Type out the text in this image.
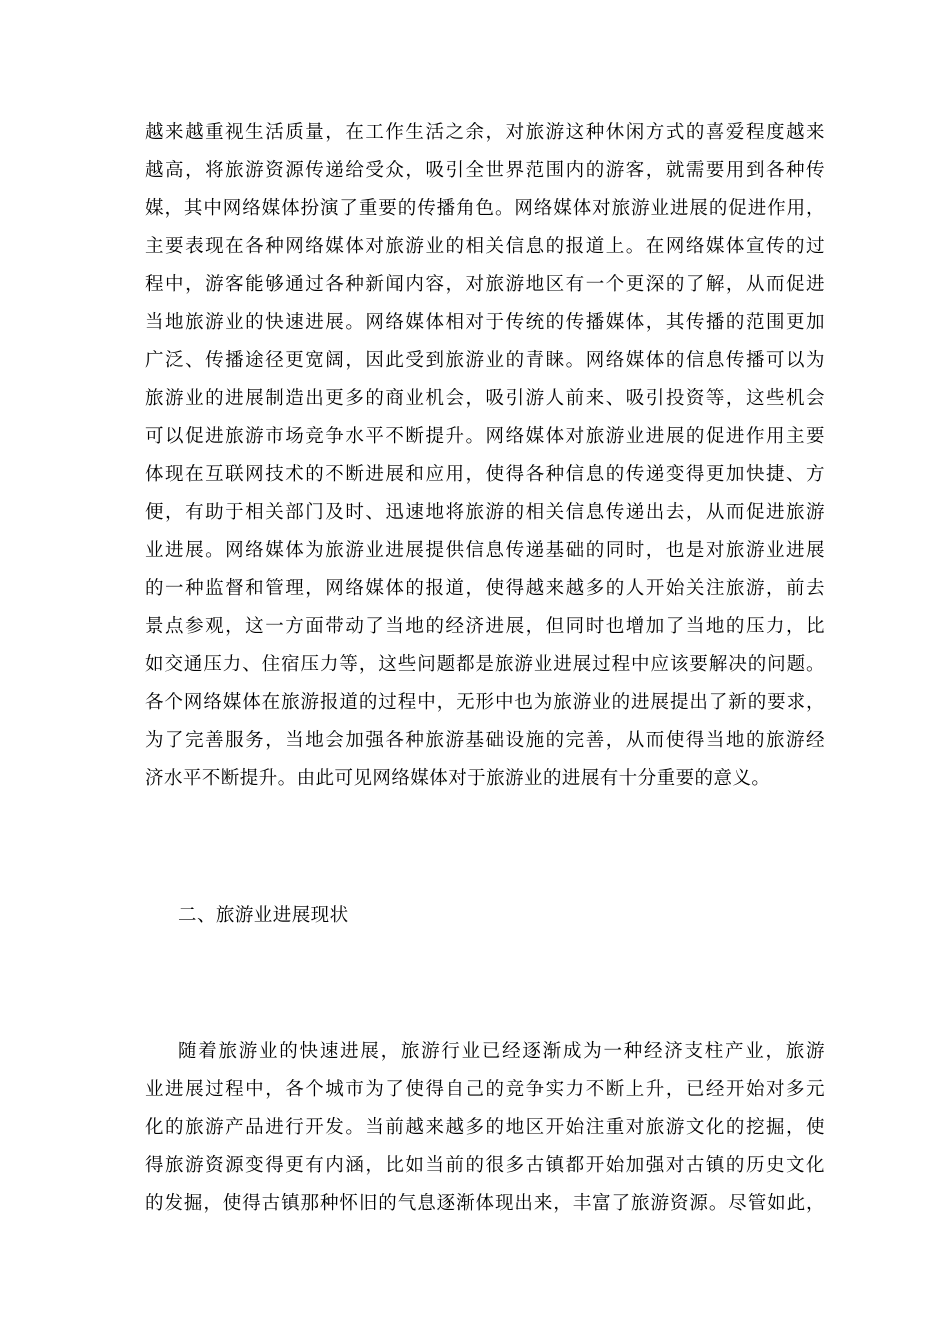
越来越重视生活质量，在工作生活之余，对旅游这种休闲方式的喜爱程度越来
越高，将旅游资源传递给受众，吸引全世界范围内的游客，就需要用到各种传
媒，其中网络媒体扮演了重要的传播角色。网络媒体对旅游业进展的促进作用，
主要表现在各种网络媒体对旅游业的相关信息的报道上。在网络媒体宣传的过
程中，游客能够通过各种新闻内容，对旅游地区有一个更深的了解，从而促进
当地旅游业的快速进展。网络媒体相对于传统的传播媒体，其传播的范围更加
广泛、传播途径更宽阔，因此受到旅游业的青睐。网络媒体的信息传播可以为
旅游业的进展制造出更多的商业机会，吸引游人前来、吸引投资等，这些机会
可以促进旅游市场竞争水平不断提升。网络媒体对旅游业进展的促进作用主要
体现在互联网技术的不断进展和应用，使得各种信息的传递变得更加快捷、方
便，有助于相关部门及时、迅速地将旅游的相关信息传递出去，从而促进旅游
业进展。网络媒体为旅游业进展提供信息传递基础的同时，也是对旅游业进展
的一种监督和管理，网络媒体的报道，使得越来越多的人开始关注旅游，前去
景点参观，这一方面带动了当地的经济进展，但同时也增加了当地的压力，比
如交通压力、住宿压力等，这些问题都是旅游业进展过程中应该要解决的问题。
各个网络媒体在旅游报道的过程中，无形中也为旅游业的进展提出了新的要求，
为了完善服务，当地会加强各种旅游基础设施的完善，从而使得当地的旅游经
济水平不断提升。由此可见网络媒体对于旅游业的进展有十分重要的意义。
二、旅游业进展现状
随着旅游业的快速进展，旅游行业已经逐渐成为一种经济支柱产业，旅游
业进展过程中，各个城市为了使得自己的竞争实力不断上升，已经开始对多元
化的旅游产品进行开发。当前越来越多的地区开始注重对旅游文化的挖掘，使
得旅游资源变得更有内涵，比如当前的很多古镇都开始加强对古镇的历史文化
的发掘，使得古镇那种怀旧的气息逐渐体现出来，丰富了旅游资源。尽管如此，
